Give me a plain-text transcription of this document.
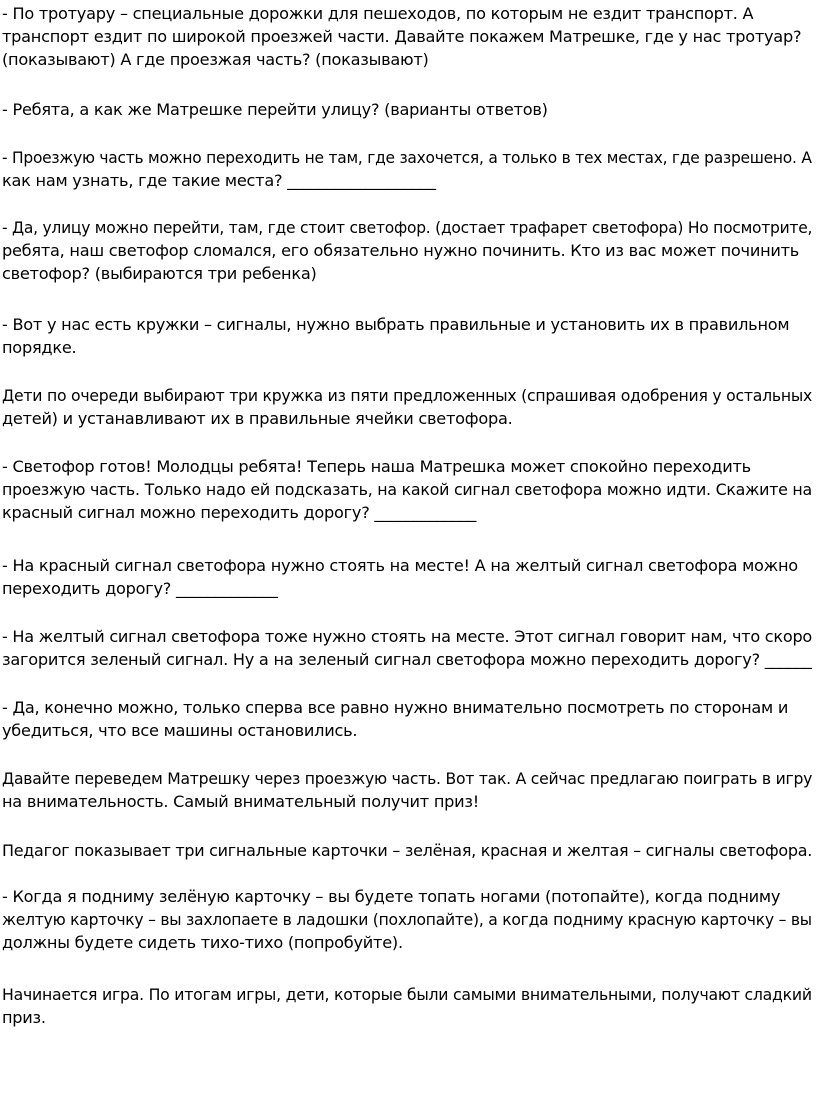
- По тротуару – специальные дорожки для пешеходов, по которым не ездит транспорт. А транспорт ездит по широкой проезжей части. Давайте покажем Матрешке, где у нас тротуар? (показывают) А где проезжая часть? (показывают)

- Ребята, а как же Матрешке перейти улицу? (варианты ответов)

- Проезжую часть можно переходить не там, где захочется, а только в тех местах, где разрешено. А как нам узнать, где такие места? ___________________

- Да, улицу можно перейти, там, где стоит светофор. (достает трафарет светофора) Но посмотрите, ребята, наш светофор сломался, его обязательно нужно починить. Кто из вас может починить светофор? (выбираются три ребенка)

- Вот у нас есть кружки – сигналы, нужно выбрать правильные и установить их в правильном порядке.

Дети по очереди выбирают три кружка из пяти предложенных (спрашивая одобрения у остальных детей) и устанавливают их в правильные ячейки светофора.

- Светофор готов! Молодцы ребята! Теперь наша Матрешка может спокойно переходить проезжую часть. Только надо ей подсказать, на какой сигнал светофора можно идти. Скажите на красный сигнал можно переходить дорогу? _____________

- На красный сигнал светофора нужно стоять на месте! А на желтый сигнал светофора можно переходить дорогу? _____________

- На желтый сигнал светофора тоже нужно стоять на месте. Этот сигнал говорит нам, что скоро загорится зеленый сигнал. Ну а на зеленый сигнал светофора можно переходить дорогу? ______

- Да, конечно можно, только сперва все равно нужно внимательно посмотреть по сторонам и убедиться, что все машины остановились.

Давайте переведем Матрешку через проезжую часть. Вот так. А сейчас предлагаю поиграть в игру на внимательность. Самый внимательный получит приз!

Педагог показывает три сигнальные карточки – зелёная, красная и желтая – сигналы светофора.

- Когда я подниму зелёную карточку – вы будете топать ногами (потопайте), когда подниму желтую карточку – вы захлопаете в ладошки (похлопайте), а когда подниму красную карточку – вы должны будете сидеть тихо-тихо (попробуйте).

Начинается игра. По итогам игры, дети, которые были самыми внимательными, получают сладкий приз.
